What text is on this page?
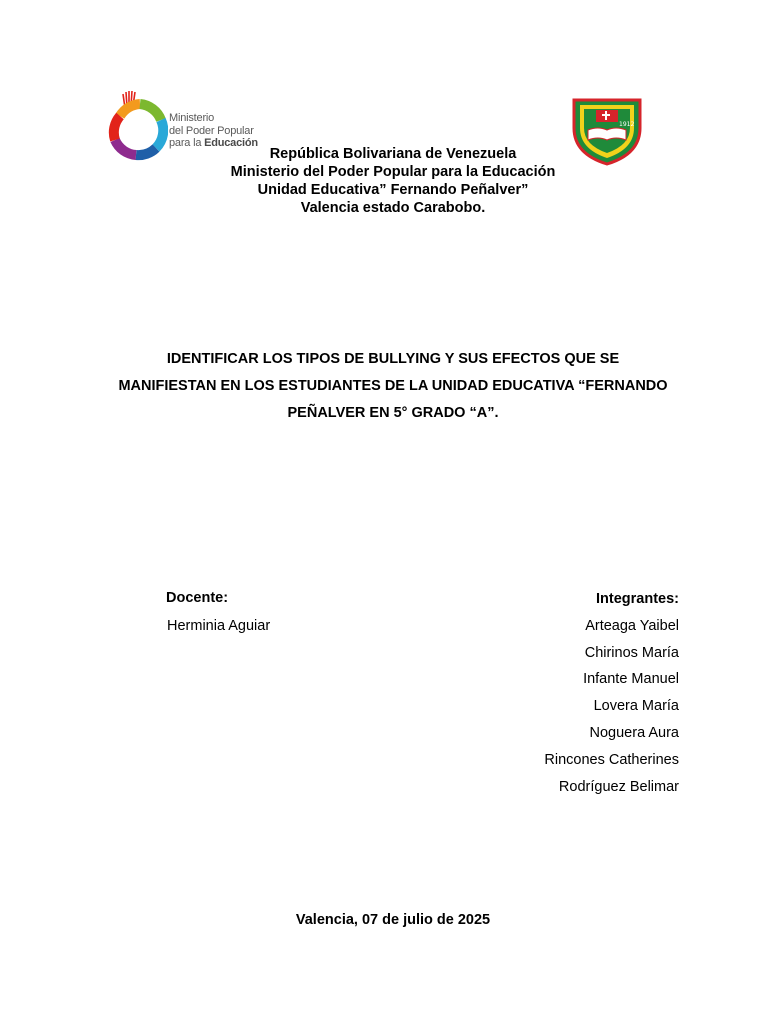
Ministerio
del Poder Popular
para la Educación
1912
República Bolivariana de Venezuela
Ministerio del Poder Popular para la Educación
Unidad Educativa” Fernando Peñalver”
Valencia estado Carabobo.
IDENTIFICAR LOS TIPOS DE BULLYING Y SUS EFECTOS QUE SE
MANIFIESTAN EN LOS ESTUDIANTES DE LA UNIDAD EDUCATIVA “FERNANDO
PEÑALVER EN 5° GRADO “A”.
Docente:
Herminia Aguiar
Integrantes:
Arteaga Yaibel
Chirinos María
Infante Manuel
Lovera María
Noguera Aura
Rincones Catherines
Rodríguez Belimar
Valencia, 07 de julio de 2025
